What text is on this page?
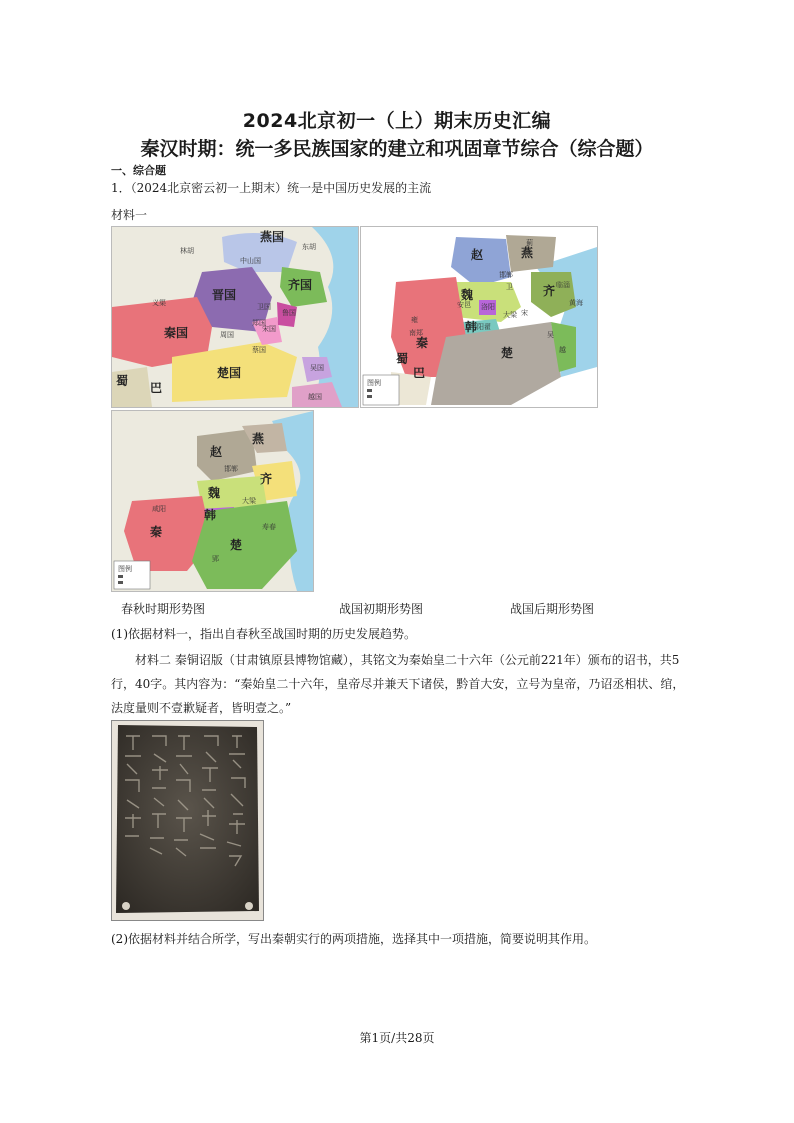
2024北京初一（上）期末历史汇编
秦汉时期：统一多民族国家的建立和巩固章节综合（综合题）
一、综合题
1．（2024北京密云初一上期末）统一是中国历史发展的主流
材料一
燕国
齐国
晋国
秦国
楚国
越国
吴国
鲁国
宋国
郑国
周国
蔡国
卫国
中山国
义渠
蜀 巴
林胡	东胡	燕
齐
赵
魏
韩
秦
楚	越
宋
卫
洛阳
安邑
阳翟
大梁
邯郸
蓟
临淄
雍
南郑
蜀
巴
黄海
吴
图例
燕
赵
齐
魏
韩
秦
楚
邯郸
大梁
咸阳
郢
寿春
图例
春秋时期形势图	战国初期形势图	战国后期形势图
(1)依据材料一，指出自春秋至战国时期的历史发展趋势。
材料二 秦铜诏版（甘肃镇原县博物馆藏），其铭文为秦始皇二十六年（公元前221年）颁布的诏书，共5行，40字。其内容为：“秦始皇二十六年，皇帝尽并兼天下诸侯，黔首大安，立号为皇帝，乃诏丞相状、绾，法度量则不壹歉疑者，皆明壹之。”
(2)依据材料并结合所学，写出秦朝实行的两项措施，选择其中一项措施，简要说明其作用。
第1页/共28页
